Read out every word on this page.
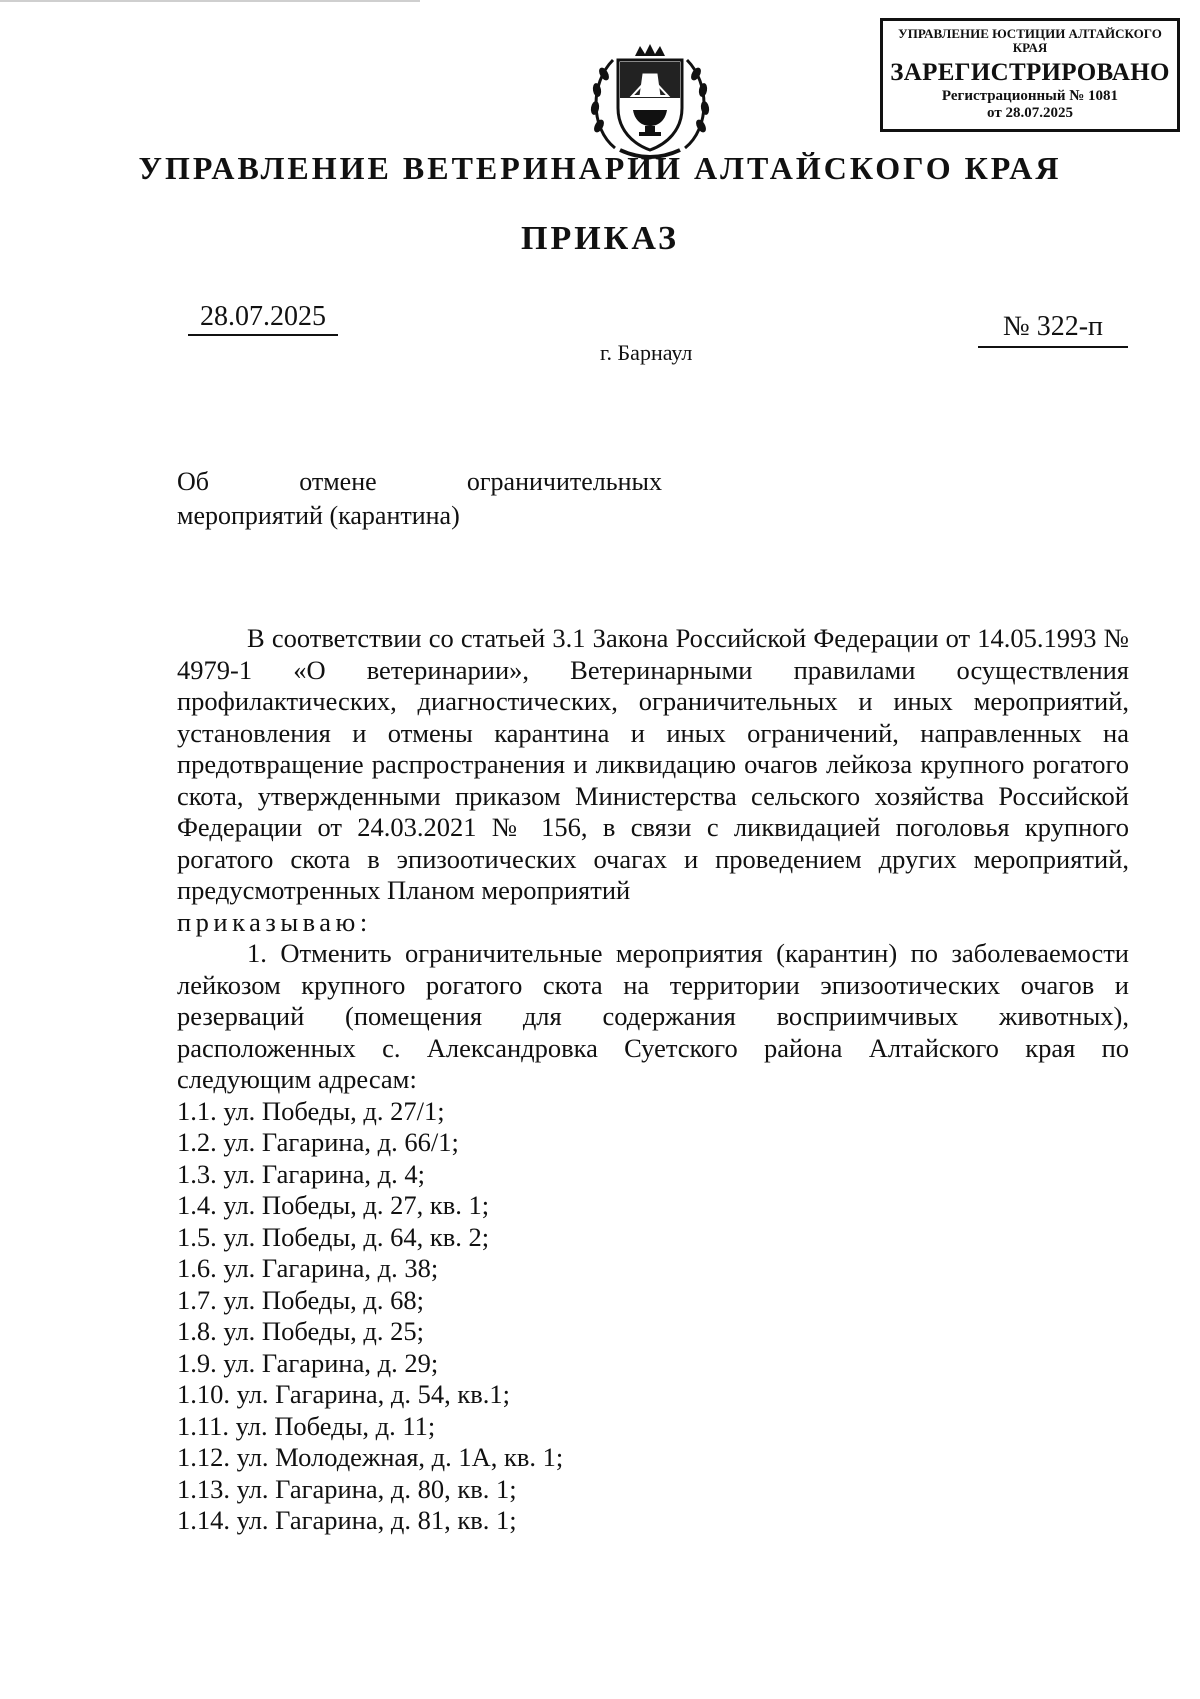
УПРАВЛЕНИЕ ЮСТИЦИИ АЛТАЙСКОГО КРАЯ
ЗАРЕГИСТРИРОВАНО
Регистрационный № 1081
от 28.07.2025
УПРАВЛЕНИЕ ВЕТЕРИНАРИИ АЛТАЙСКОГО КРАЯ
ПРИКАЗ
28.07.2025	№ 322-п
г. Барнаул
Об	отмене	ограничительных
мероприятий (карантина)

В соответствии со статьей 3.1 Закона Российской Федерации от 14.05.1993 № 4979-1 «О ветеринарии», Ветеринарными правилами осуществления профилактических, диагностических, ограничительных и иных мероприятий, установления и отмены карантина и иных ограничений, направленных на предотвращение распространения и ликвидацию очагов лейкоза крупного рогатого скота, утвержденными приказом Министерства сельского хозяйства Российской Федерации от 24.03.2021 № 156, в связи с ликвидацией поголовья крупного рогатого скота в эпизоотических очагах и проведением других мероприятий, предусмотренных Планом мероприятий

приказываю:

1. Отменить ограничительные мероприятия (карантин) по заболеваемости лейкозом крупного рогатого скота на территории эпизоотических очагов и резерваций (помещения для содержания восприимчивых животных), расположенных с. Александровка Суетского района Алтайского края по следующим адресам:

1.1. ул. Победы, д. 27/1;

1.2. ул. Гагарина, д. 66/1;

1.3. ул. Гагарина, д. 4;

1.4. ул. Победы, д. 27, кв. 1;

1.5. ул. Победы, д. 64, кв. 2;

1.6. ул. Гагарина, д. 38;

1.7. ул. Победы, д. 68;

1.8. ул. Победы, д. 25;

1.9. ул. Гагарина, д. 29;

1.10. ул. Гагарина, д. 54, кв.1;

1.11. ул. Победы, д. 11;

1.12. ул. Молодежная, д. 1А, кв. 1;

1.13. ул. Гагарина, д. 80, кв. 1;

1.14. ул. Гагарина, д. 81, кв. 1;
